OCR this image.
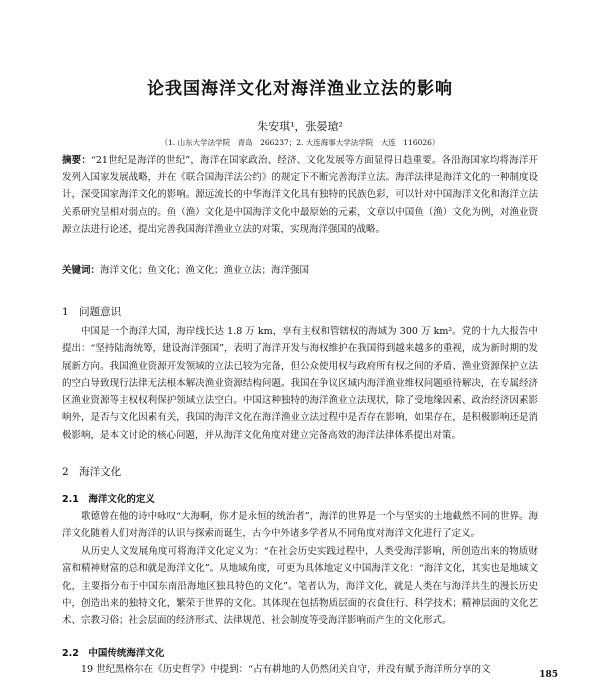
论我国海洋文化对海洋渔业立法的影响
朱安琪¹，张晏瑲²
（1. 山东大学法学院　青岛　266237；2. 大连海事大学法学院　大连　116026）
摘要：“21世纪是海洋的世纪”，海洋在国家政治、经济、文化发展等方面显得日趋重要。各沿海国家均将海洋开发列入国家发展战略，并在《联合国海洋法公约》的规定下不断完善海洋立法。海洋法律是海洋文化的一种制度设计，深受国家海洋文化的影响。源远流长的中华海洋文化具有独特的民族色彩，可以针对中国海洋文化和海洋立法关系研究呈相对弱点的。鱼（渔）文化是中国海洋文化中最原始的元素，文章以中国鱼（渔）文化为例，对渔业资源立法进行论述，提出完善我国海洋渔业立法的对策，实现海洋强国的战略。
关键词：海洋文化；鱼文化；渔文化；渔业立法；海洋强国
1　问题意识
中国是一个海洋大国，海岸线长达 1.8 万 km，享有主权和管辖权的海域为 300 万 km²。党的十九大报告中提出：“坚持陆海统筹，建设海洋强国”，表明了海洋开发与海权维护在我国得到越来越多的重视，成为新时期的发展新方向。我国渔业资源开发领域的立法已较为完备，但公众使用权与政府所有权之间的矛盾、渔业资源保护立法的空白导致现行法律无法根本解决渔业资源结构问题。我国在争议区域内海洋渔业维权问题亟待解决，在专属经济区渔业资源等主权权利保护领域立法空白。中国这种独特的海洋渔业立法现状，除了受地缘因素、政治经济因素影响外，是否与文化因素有关，我国的海洋文化在海洋渔业立法过程中是否存在影响，如果存在，是积极影响还是消极影响，是本文讨论的核心问题，并从海洋文化角度对建立完备高效的海洋法律体系提出对策。
2　海洋文化
2.1　海洋文化的定义
歌德曾在他的诗中咏叹“大海啊，你才是永恒的统治者”，海洋的世界是一个与坚实的土地截然不同的世界。海洋文化随着人们对海洋的认识与探索而诞生，古今中外诸多学者从不同角度对海洋文化进行了定义。
从历史人文发展角度可将海洋文化定义为：“在社会历史实践过程中，人类受海洋影响，所创造出来的物质财富和精神财富的总和就是海洋文化”。从地域角度，可更为具体地定义中国海洋文化：“海洋文化，其实也是地域文化，主要指分布于中国东南沿海地区独具特色的文化”。笔者认为，海洋文化，就是人类在与海洋共生的漫长历史中，创造出来的独特文化，繁荣于世界的文化。其体现在包括物质层面的衣食住行、科学技术；精神层面的文化艺术、宗教习俗；社会层面的经济形式、法律规范、社会制度等受海洋影响而产生的文化形式。
2.2　中国传统海洋文化
19 世纪黑格尔在《历史哲学》中提到：“占有耕地的人仍然闭关自守，并没有赋予海洋所分享的文	185
